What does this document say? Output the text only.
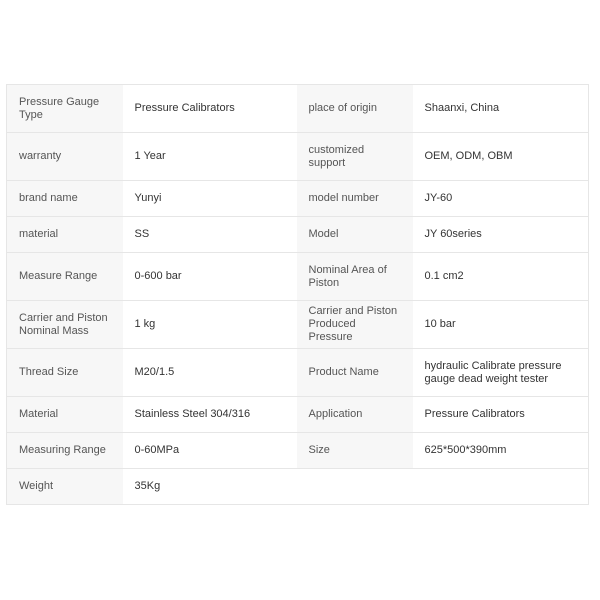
Pressure Gauge Type	Pressure Calibrators	place of origin	Shaanxi, China
warranty	1 Year	customized support	OEM, ODM, OBM
brand name	Yunyi	model number	JY-60
material	SS	Model	JY 60series
Measure Range	0-600 bar	Nominal Area of Piston	0.1 cm2
Carrier and Piston Nominal Mass	1 kg	Carrier and Piston Produced Pressure	10 bar
Thread Size	M20/1.5	Product Name	hydraulic Calibrate pressure gauge dead weight tester
Material	Stainless Steel 304/316	Application	Pressure Calibrators
Measuring Range	0-60MPa	Size	625*500*390mm
Weight	35Kg		
